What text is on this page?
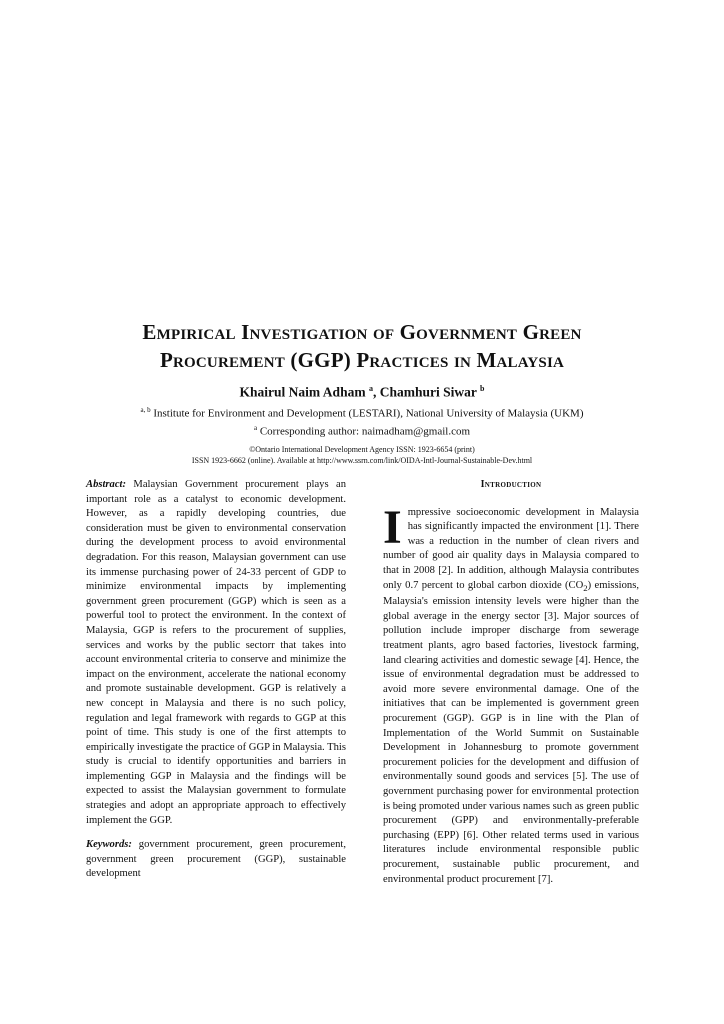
Empirical Investigation of Government Green
Procurement (GGP) Practices in Malaysia
Khairul Naim Adham $^a$, Chamhuri Siwar $^b$
$^{a, b}$ Institute for Environment and Development (LESTARI), National University of Malaysia (UKM)
$^a$ Corresponding author: naimadham@gmail.com
©Ontario International Development Agency ISSN: 1923-6654 (print)
ISSN 1923-6662 (online). Available at http://www.ssrn.com/link/OIDA-Intl-Journal-Sustainable-Dev.html

Abstract: Malaysian Government procurement plays an important role as a catalyst to economic development. However, as a rapidly developing countries, due consideration must be given to environmental conservation during the development process to avoid environmental degradation. For this reason, Malaysian government can use its immense purchasing power of 24-33 percent of GDP to minimize environmental impacts by implementing government green procurement (GGP) which is seen as a powerful tool to protect the environment. In the context of Malaysia, GGP is refers to the procurement of supplies, services and works by the public sectorr that takes into account environmental criteria to conserve and minimize the impact on the environment, accelerate the national economy and promote sustainable development. GGP is relatively a new concept in Malaysia and there is no such policy, regulation and legal framework with regards to GGP at this point of time. This study is one of the first attempts to empirically investigate the practice of GGP in Malaysia. This study is crucial to identify opportunities and barriers in implementing GGP in Malaysia and the findings will be expected to assist the Malaysian government to formulate strategies and adopt an appropriate approach to effectively implement the GGP.

Keywords: government procurement, green procurement, government green procurement (GGP), sustainable development

Introduction

Impressive socioeconomic development in Malaysia has significantly impacted the environment [1]. There was a reduction in the number of clean rivers and number of good air quality days in Malaysia compared to that in 2008 [2]. In addition, although Malaysia contributes only 0.7 percent to global carbon dioxide $(CO_2)$ emissions, Malaysia's emission intensity levels were higher than the global average in the energy sector [3]. Major sources of pollution include improper discharge from sewerage treatment plants, agro based factories, livestock farming, land clearing activities and domestic sewage [4]. Hence, the issue of environmental degradation must be addressed to avoid more severe environmental damage. One of the initiatives that can be implemented is government green procurement (GGP). GGP is in line with the Plan of Implementation of the World Summit on Sustainable Development in Johannesburg to promote government procurement policies for the development and diffusion of environmentally sound goods and services [5]. The use of government purchasing power for environmental protection is being promoted under various names such as green public procurement (GPP) and environmentally-preferable purchasing (EPP) [6]. Other related terms used in various literatures include environmental responsible public procurement, sustainable public procurement, and environmental product procurement [7].
